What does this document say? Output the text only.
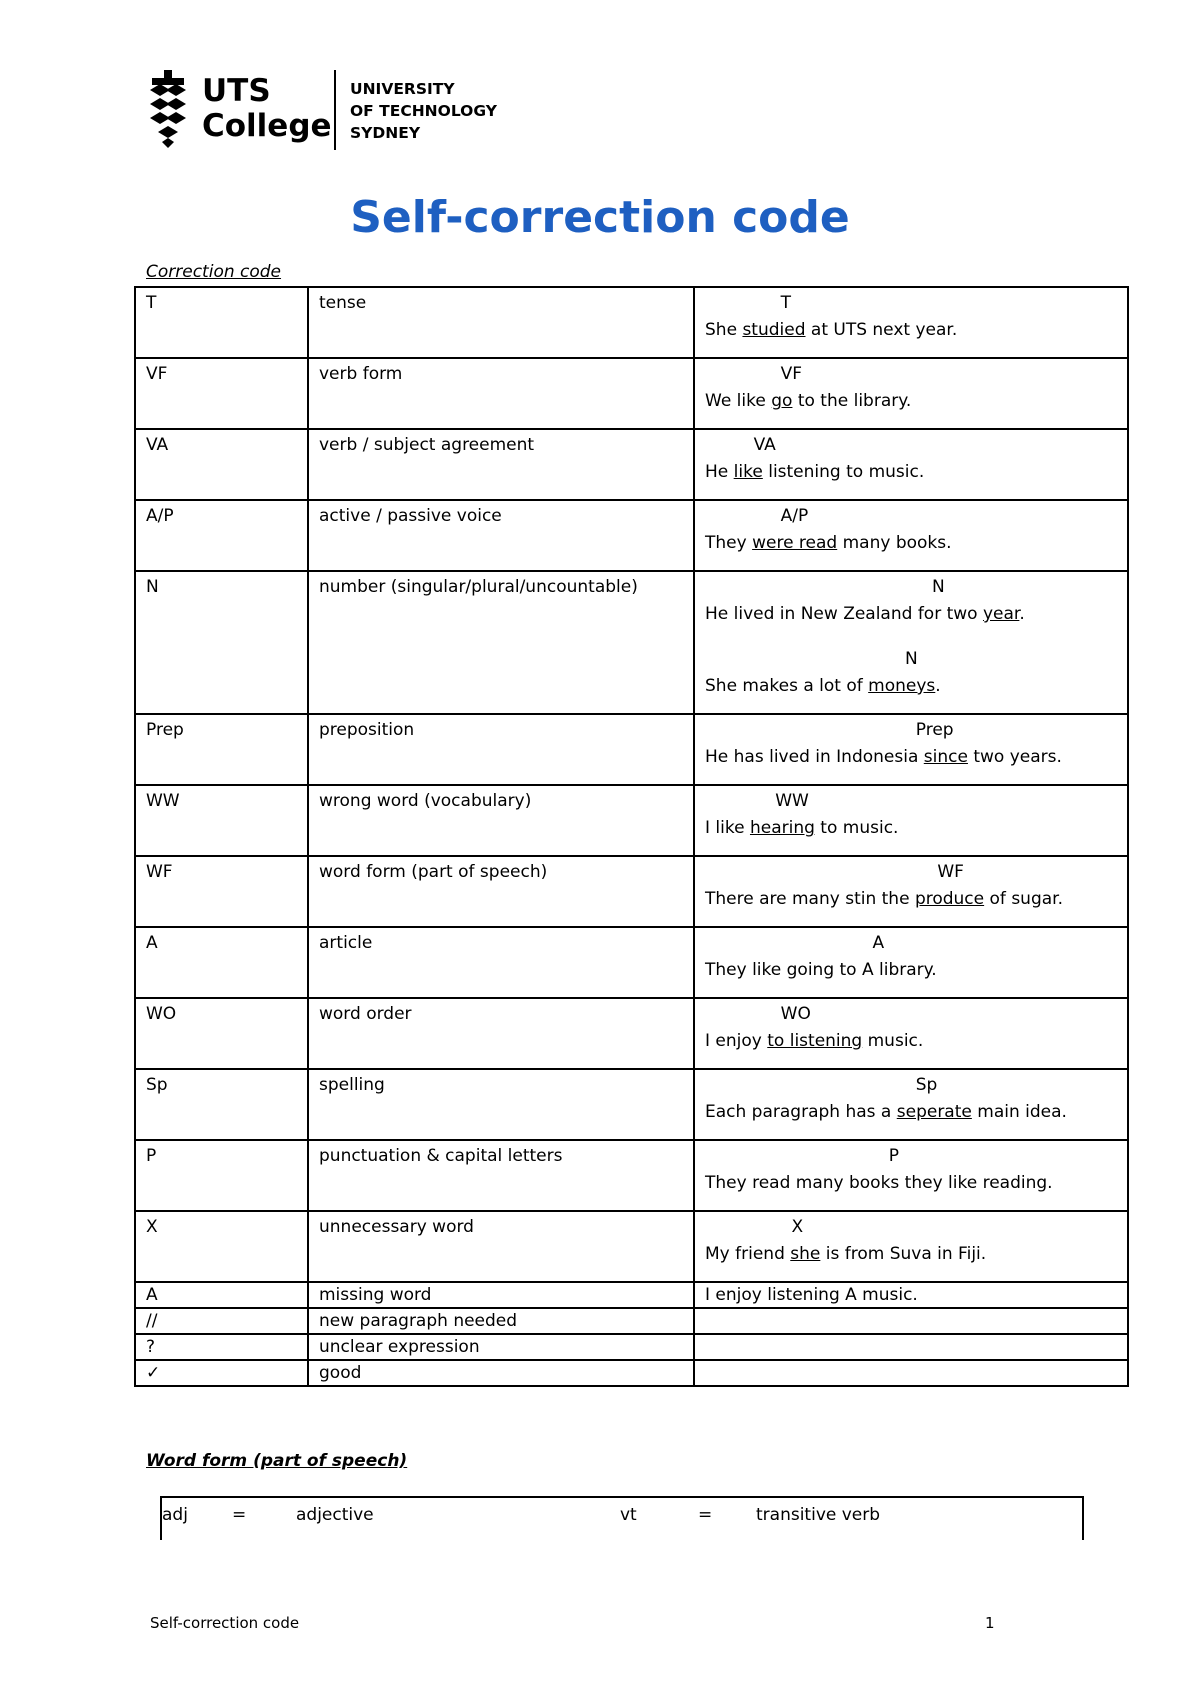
UTS
College
UNIVERSITY
OF TECHNOLOGY
SYDNEY
Self-correction code
Correction code
T	tense	T
She studied at UTS next year.
VF	verb form	VF
We like go to the library.
VA	verb / subject agreement	VA
He like listening to music.
A/P	active / passive voice	A/P
They were read many books.
N	number (singular/plural/uncountable)	N
He lived in New Zealand for two year.
N
She makes a lot of moneys.
Prep	preposition	Prep
He has lived in Indonesia since two years.
WW	wrong word (vocabulary)	WW
I like hearing to music.
WF	word form (part of speech)	WF
There are many stin the produce of sugar.
A	article	A
They like going to A library.
WO	word order	WO
I enjoy to listening music.
Sp	spelling	Sp
Each paragraph has a seperate main idea.
P	punctuation & capital letters	P
They read many books they like reading.
X	unnecessary word	X
My friend she is from Suva in Fiji.
A	missing word	I enjoy listening A music.
//	new paragraph needed	
?	unclear expression	
✓	good	
Word form (part of speech)
adj	=	adjective	vt	=	transitive verb
Self-correction code	1
